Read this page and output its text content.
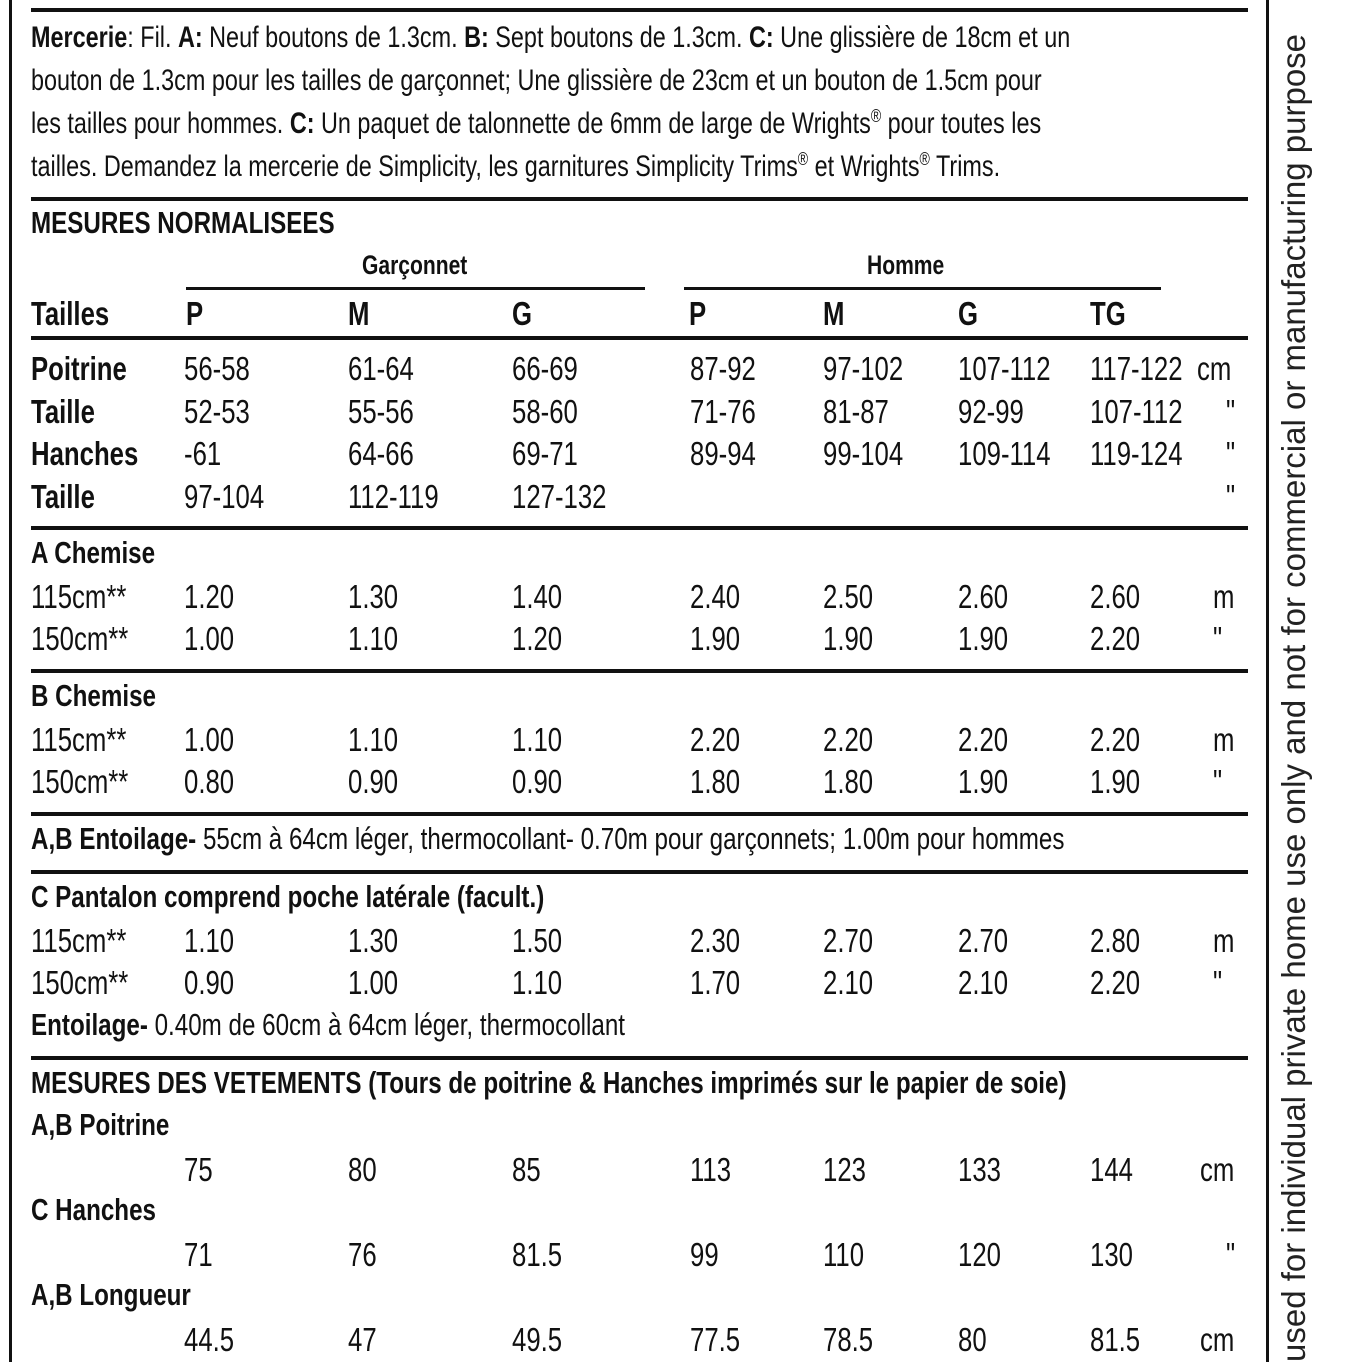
used for individual private home use only and not for commercial or manufacturing purpose
Mercerie: Fil. A: Neuf boutons de 1.3cm. B: Sept boutons de 1.3cm. C: Une glissière de 18cm et un
bouton de 1.3cm pour les tailles de garçonnet; Une glissière de 23cm et un bouton de 1.5cm pour
les tailles pour hommes. C: Un paquet de talonnette de 6mm de large de Wrights® pour toutes les
tailles. Demandez la mercerie de Simplicity, les garnitures Simplicity Trims® et Wrights® Trims.
MESURES NORMALISEES
Garçonnet	Homme
Tailles P	M	G	P	M	G	TG
Poitrine 56-58	61-64	66-69	87-92 97-102 107-112 117-122 cm
Taille	52-53	55-56	58-60	71-76 81-87 92-99 107-112 "
Hanches -61	64-66	69-71	89-94 99-104 109-114 119-124 "
Taille	97-104	112-119 127-132	"
A Chemise
115cm** 1.20	1.30	1.40	2.40	2.50	2.60 2.60 m
150cm** 1.00	1.10	1.20	1.90	1.90	1.90 2.20 "
B Chemise
115cm** 1.00	1.10	1.10	2.20	2.20	2.20 2.20 m
150cm** 0.80	0.90	0.90	1.80	1.80	1.90 1.90 "
A,B Entoilage- 55cm à 64cm léger, thermocollant- 0.70m pour garçonnets; 1.00m pour hommes
C Pantalon comprend poche latérale (facult.)
115cm** 1.10	1.30	1.50	2.30	2.70	2.70 2.80 m
150cm** 0.90	1.00	1.10	1.70	2.10	2.10 2.20 "
Entoilage- 0.40m de 60cm à 64cm léger, thermocollant
MESURES DES VETEMENTS (Tours de poitrine & Hanches imprimés sur le papier de soie)
A,B Poitrine
75	80	85	113	123	133	144 cm
C Hanches
71	76	81.5	99	110	120	130	"
A,B Longueur
44.5	47	49.5	77.5	78.5	80	81.5 cm
